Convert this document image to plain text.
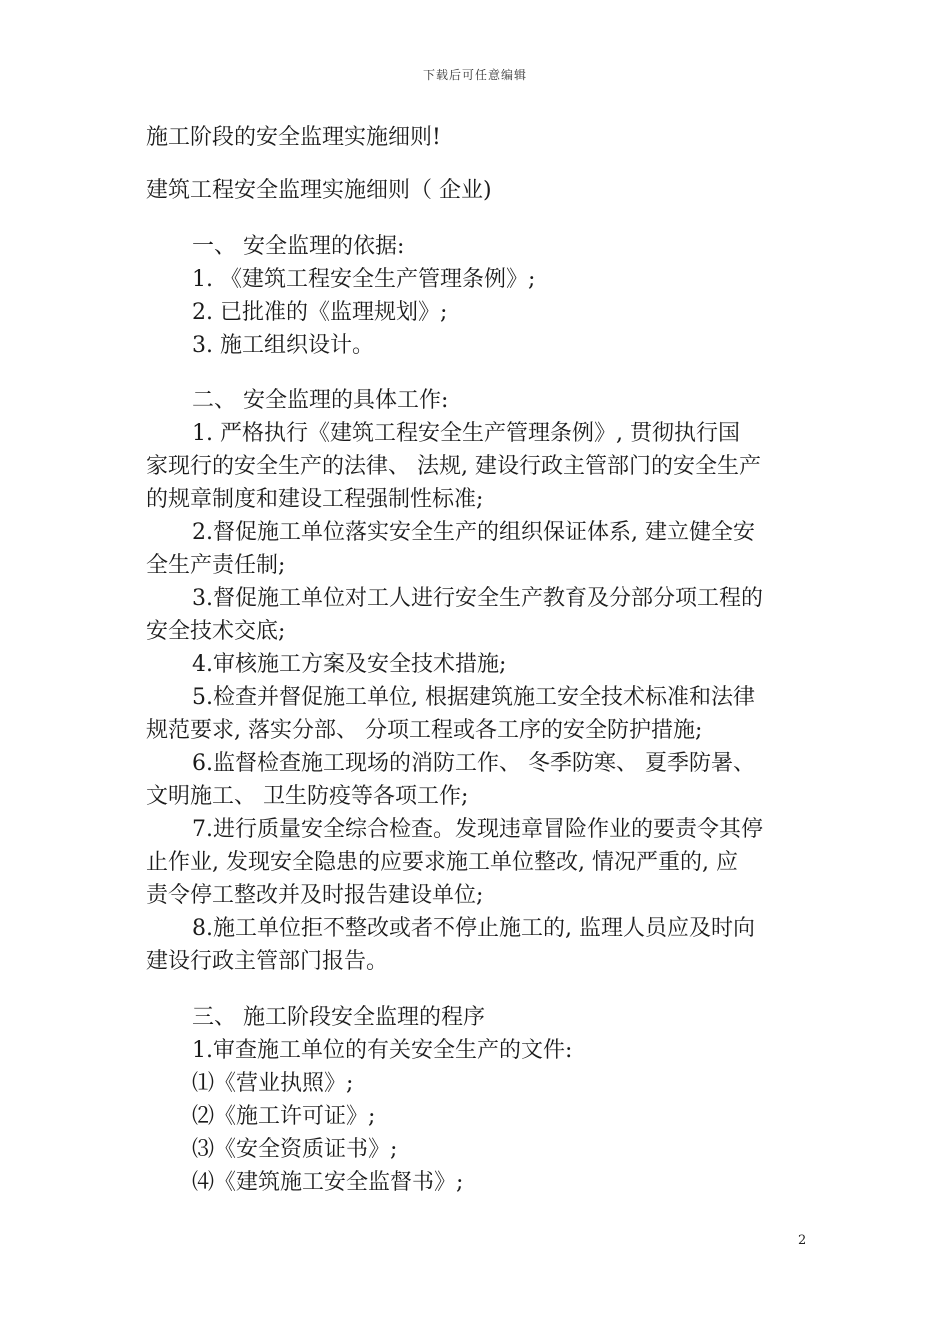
下载后可任意编辑
施工阶段的安全监理实施细则!
建筑工程安全监理实施细则（ 企业)
一、 安全监理的依据:
1. 《建筑工程安全生产管理条例》;
2. 已批准的《监理规划》;
3. 施工组织设计。
二、 安全监理的具体工作:
1. 严格执行《建筑工程安全生产管理条例》, 贯彻执行国
家现行的安全生产的法律、 法规, 建设行政主管部门的安全生产
的规章制度和建设工程强制性标准;
2.督促施工单位落实安全生产的组织保证体系, 建立健全安
全生产责任制;
3.督促施工单位对工人进行安全生产教育及分部分项工程的
安全技术交底;
4.审核施工方案及安全技术措施;
5.检查并督促施工单位, 根据建筑施工安全技术标准和法律
规范要求, 落实分部、 分项工程或各工序的安全防护措施;
6.监督检查施工现场的消防工作、 冬季防寒、 夏季防暑、
文明施工、 卫生防疫等各项工作;
7.进行质量安全综合检查。发现违章冒险作业的要责令其停
止作业, 发现安全隐患的应要求施工单位整改, 情况严重的, 应
责令停工整改并及时报告建设单位;
8.施工单位拒不整改或者不停止施工的, 监理人员应及时向
建设行政主管部门报告。
三、 施工阶段安全监理的程序
1.审查施工单位的有关安全生产的文件:
⑴《营业执照》;
⑵《施工许可证》;
⑶《安全资质证书》;
⑷《建筑施工安全监督书》;
2
